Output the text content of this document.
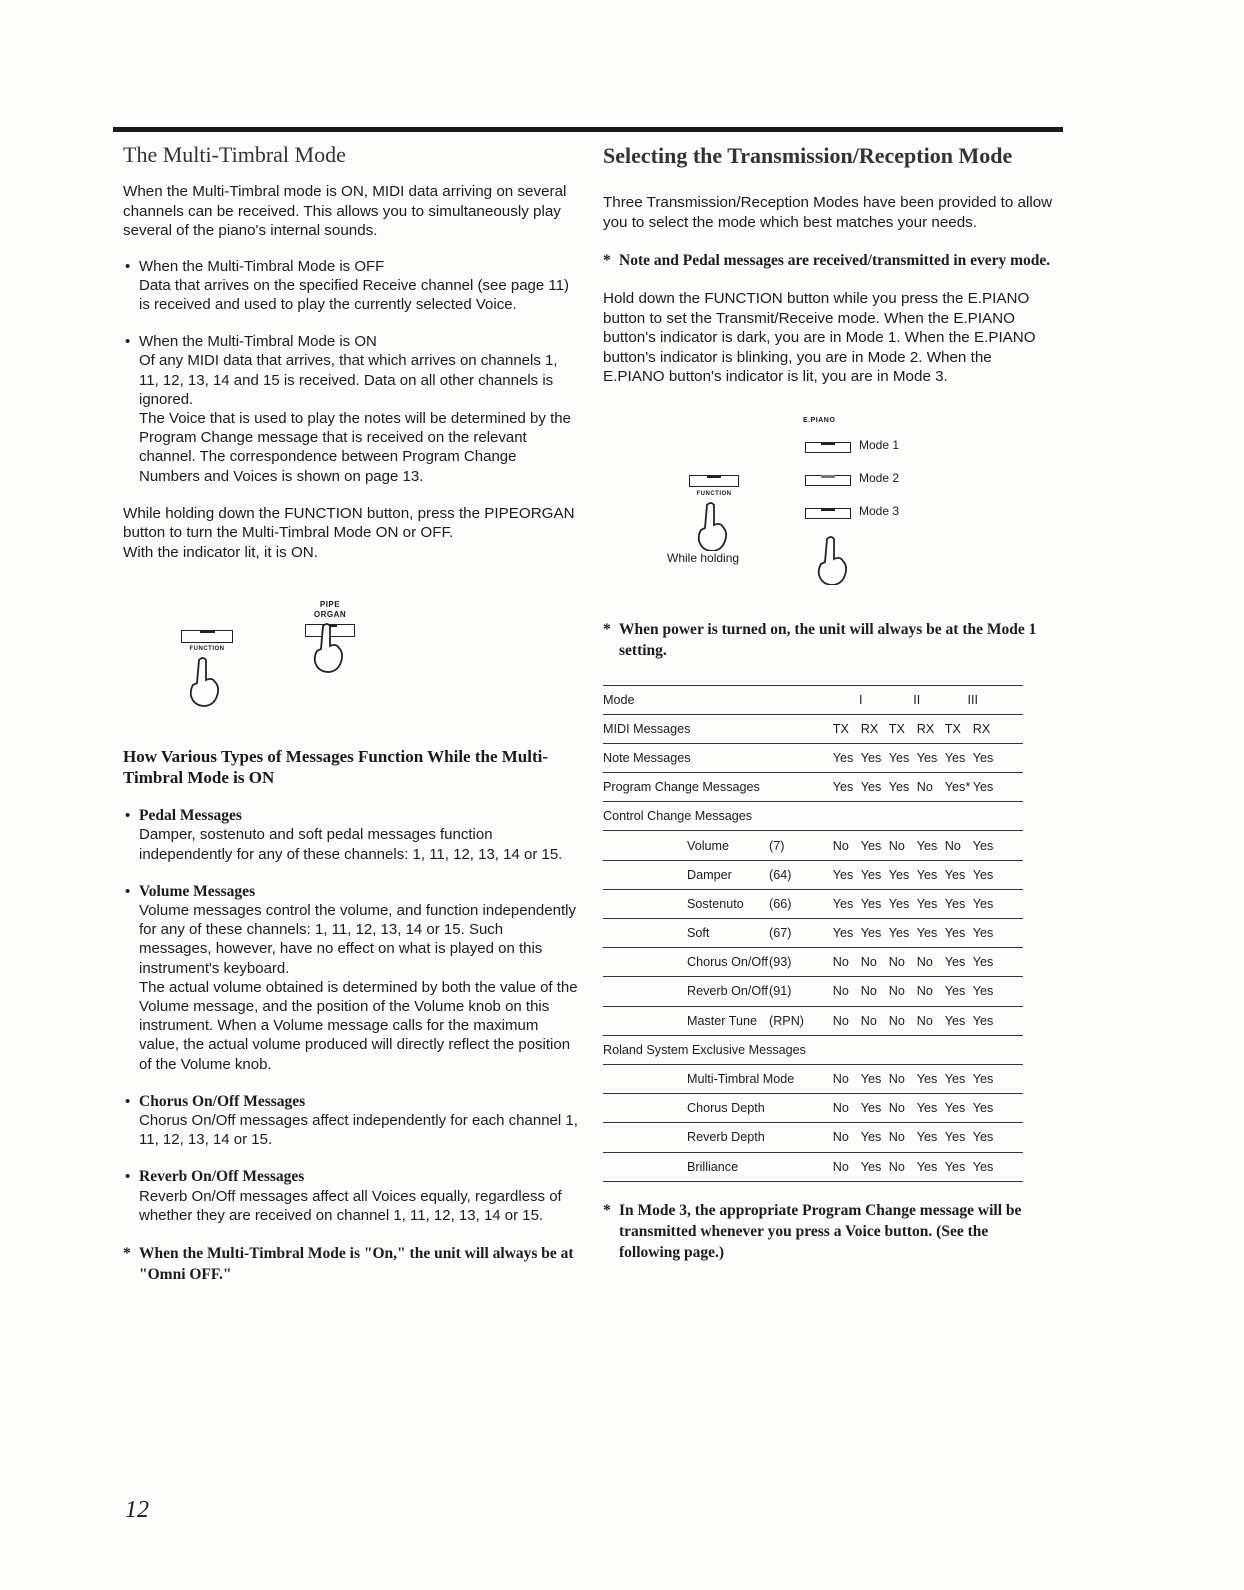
The Multi-Timbral Mode

When the Multi-Timbral mode is ON, MIDI data arriving on several channels can be received. This allows you to simultaneously play several of the piano's internal sounds.

• When the Multi-Timbral Mode is OFF
Data that arrives on the specified Receive channel (see page 11) is received and used to play the currently selected Voice.
• When the Multi-Timbral Mode is ON
Of any MIDI data that arrives, that which arrives on channels 1, 11, 12, 13, 14 and 15 is received. Data on all other channels is ignored.
The Voice that is used to play the notes will be determined by the Program Change message that is received on the relevant channel. The correspondence between Program Change Numbers and Voices is shown on page 13.

While holding down the FUNCTION button, press the PIPEORGAN button to turn the Multi-Timbral Mode ON or OFF.
With the indicator lit, it is ON.

FUNCTION
PIPE
ORGAN
How Various Types of Messages Function While the Multi-Timbral Mode is ON
• Pedal Messages
Damper, sostenuto and soft pedal messages function independently for any of these channels: 1, 11, 12, 13, 14 or 15.
• Volume Messages
Volume messages control the volume, and function independently for any of these channels: 1, 11, 12, 13, 14 or 15. Such messages, however, have no effect on what is played on this instrument's keyboard.
The actual volume obtained is determined by both the value of the Volume message, and the position of the Volume knob on this instrument. When a Volume message calls for the maximum value, the actual volume produced will directly reflect the position of the Volume knob.
• Chorus On/Off Messages
Chorus On/Off messages affect independently for each channel 1, 11, 12, 13, 14 or 15.
• Reverb On/Off Messages
Reverb On/Off messages affect all Voices equally, regardless of whether they are received on channel 1, 11, 12, 13, 14 or 15.
* When the Multi-Timbral Mode is "On," the unit will always be at "Omni OFF."
Selecting the Transmission/Reception Mode

Three Transmission/Reception Modes have been provided to allow you to select the mode which best matches your needs.

* Note and Pedal messages are received/transmitted in every mode.

Hold down the FUNCTION button while you press the E.PIANO button to set the Transmit/Receive mode. When the E.PIANO button's indicator is dark, you are in Mode 1. When the E.PIANO button's indicator is blinking, you are in Mode 2. When the E.PIANO button's indicator is lit, you are in Mode 3.

E.PIANO
Mode 1
Mode 2
Mode 3
FUNCTION
While holding
* When power is turned on, the unit will always be at the Mode 1 setting.
Mode	I II III
MIDI Messages	TX RX TX RX TX RX
Note Messages	Yes Yes Yes Yes Yes Yes
Program Change Messages	Yes Yes Yes No Yes* Yes
Control Change Messages	
Volume (7)	No Yes No Yes No Yes
Damper (64)	Yes Yes Yes Yes Yes Yes
Sostenuto (66)	Yes Yes Yes Yes Yes Yes
Soft (67)	Yes Yes Yes Yes Yes Yes
Chorus On/Off(93)	No No No No Yes Yes
Reverb On/Off(91)	No No No No Yes Yes
Master Tune (RPN)	No No No No Yes Yes
Roland System Exclusive Messages	
Multi-Timbral Mode	No Yes No Yes Yes Yes
Chorus Depth	No Yes No Yes Yes Yes
Reverb Depth	No Yes No Yes Yes Yes
Brilliance	No Yes No Yes Yes Yes
* In Mode 3, the appropriate Program Change message will be transmitted whenever you press a Voice button. (See the following page.)
12
